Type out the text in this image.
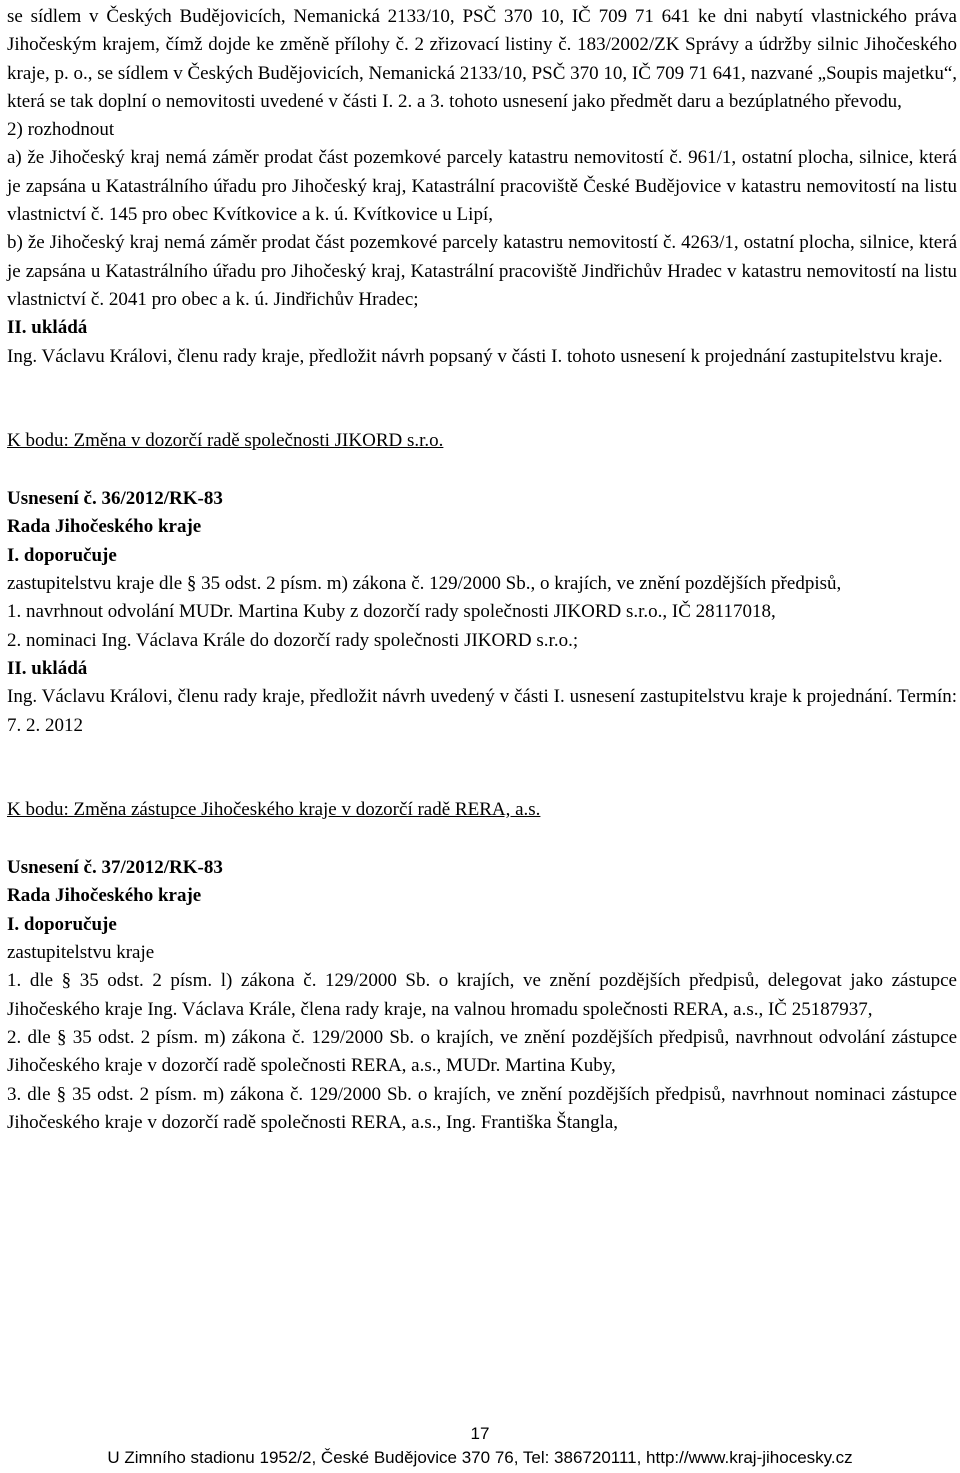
se sídlem v Českých Budějovicích, Nemanická 2133/10, PSČ 370 10, IČ 709 71 641 ke dni nabytí vlastnického práva Jihočeským krajem, čímž dojde ke změně přílohy č. 2 zřizovací listiny č. 183/2002/ZK Správy a údržby silnic Jihočeského kraje, p. o., se sídlem v Českých Budějovicích, Nemanická 2133/10, PSČ 370 10, IČ 709 71 641, nazvané „Soupis majetku“, která se tak doplní o nemovitosti uvedené v části I. 2. a 3. tohoto usnesení jako předmět daru a bezúplatného převodu,

2) rozhodnout

a) že Jihočeský kraj nemá záměr prodat část pozemkové parcely katastru nemovitostí č. 961/1, ostatní plocha, silnice, která je zapsána u Katastrálního úřadu pro Jihočeský kraj, Katastrální pracoviště České Budějovice v katastru nemovitostí na listu vlastnictví č. 145 pro obec Kvítkovice a k. ú. Kvítkovice u Lipí,

b) že Jihočeský kraj nemá záměr prodat část pozemkové parcely katastru nemovitostí č. 4263/1, ostatní plocha, silnice, která je zapsána u Katastrálního úřadu pro Jihočeský kraj, Katastrální pracoviště Jindřichův Hradec v katastru nemovitostí na listu vlastnictví č. 2041 pro obec a k. ú. Jindřichův Hradec;

II. ukládá

Ing. Václavu Královi, členu rady kraje, předložit návrh popsaný v části I. tohoto usnesení k projednání zastupitelstvu kraje.

K bodu: Změna v dozorčí radě společnosti JIKORD s.r.o.

Usnesení č. 36/2012/RK-83

Rada Jihočeského kraje

I. doporučuje

zastupitelstvu kraje dle § 35 odst. 2 písm. m) zákona č. 129/2000 Sb., o krajích, ve znění pozdějších předpisů,

1. navrhnout odvolání MUDr. Martina Kuby z dozorčí rady společnosti JIKORD s.r.o., IČ 28117018,

2. nominaci Ing. Václava Krále do dozorčí rady společnosti JIKORD s.r.o.;

II. ukládá

Ing. Václavu Královi, členu rady kraje, předložit návrh uvedený v části I. usnesení zastupitelstvu kraje k projednání. Termín: 7. 2. 2012

K bodu: Změna zástupce Jihočeského kraje v dozorčí radě RERA, a.s.

Usnesení č. 37/2012/RK-83

Rada Jihočeského kraje

I. doporučuje

zastupitelstvu kraje

1. dle § 35 odst. 2 písm. l) zákona č. 129/2000 Sb. o krajích, ve znění pozdějších předpisů, delegovat jako zástupce Jihočeského kraje Ing. Václava Krále, člena rady kraje, na valnou hromadu společnosti RERA, a.s., IČ 25187937,

2. dle § 35 odst. 2 písm. m) zákona č. 129/2000 Sb. o krajích, ve znění pozdějších předpisů, navrhnout odvolání zástupce Jihočeského kraje v dozorčí radě společnosti RERA, a.s., MUDr. Martina Kuby,

3. dle § 35 odst. 2 písm. m) zákona č. 129/2000 Sb. o krajích, ve znění pozdějších předpisů, navrhnout nominaci zástupce Jihočeského kraje v dozorčí radě společnosti RERA, a.s., Ing. Františka Štangla,

17
U Zimního stadionu 1952/2, České Budějovice 370 76, Tel: 386720111, http://www.kraj-jihocesky.cz
